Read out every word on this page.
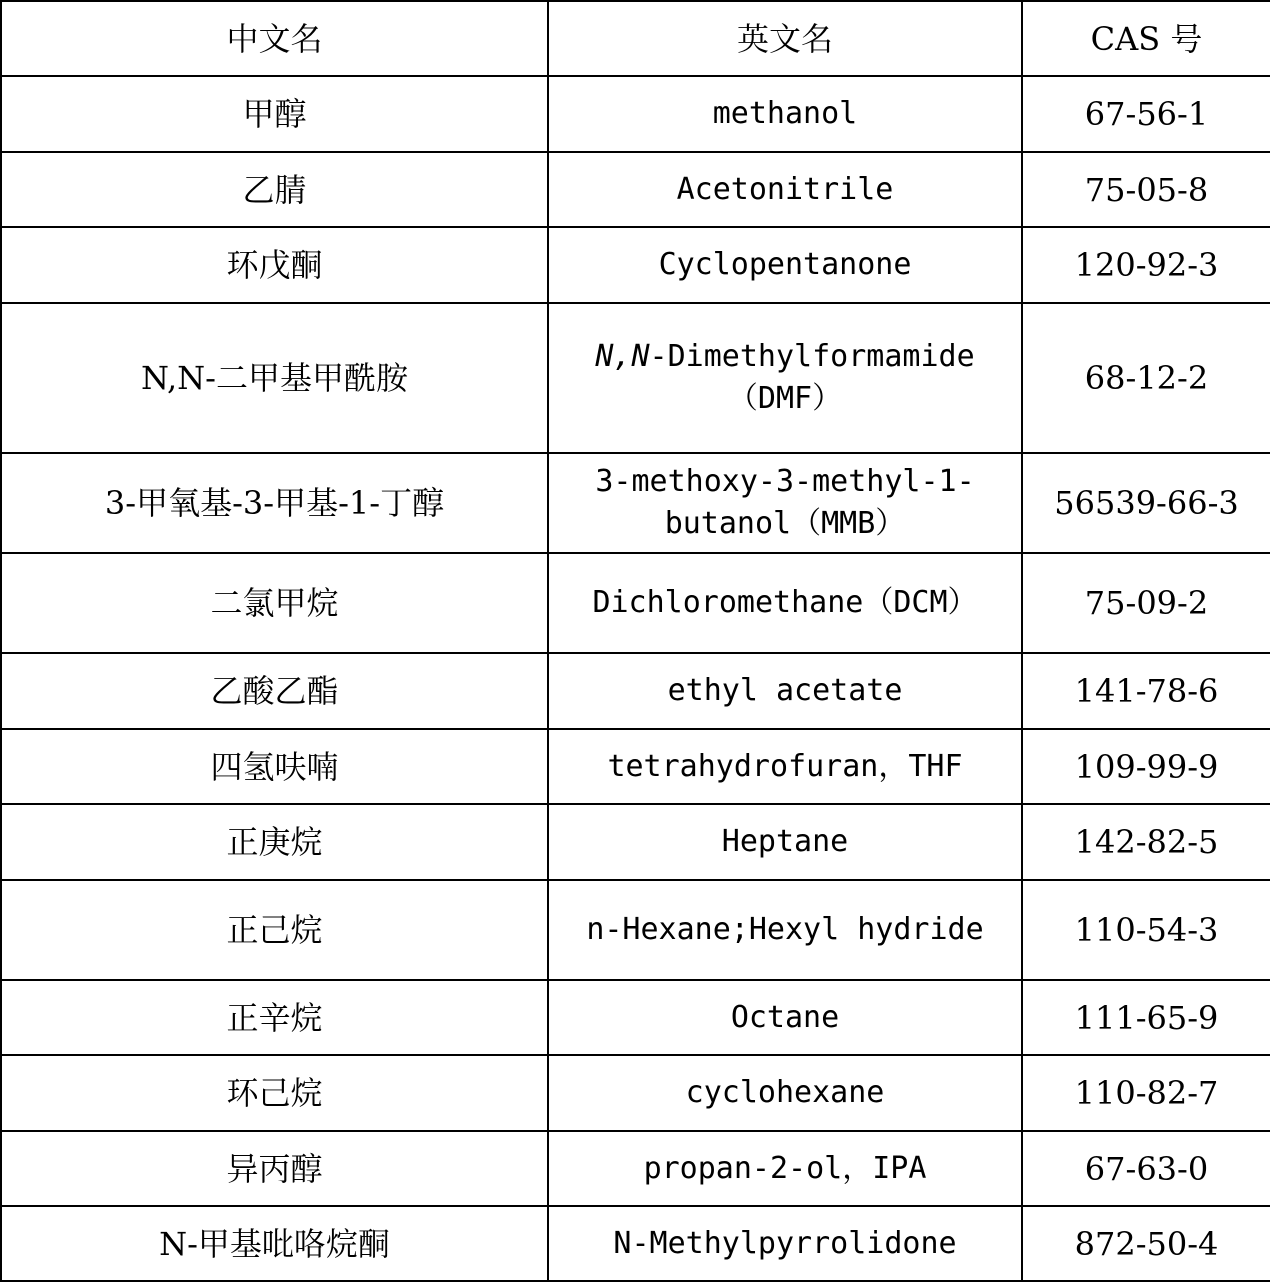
中文名	英文名	CAS 号
甲醇	methanol	67-56-1
乙腈	Acetonitrile	75-05-8
环戊酮	Cyclopentanone	120-92-3
N,N-二甲基甲酰胺	N,N-Dimethylformamide（DMF）	68-12-2
3-甲氧基-3-甲基-1-丁醇	3-methoxy-3-methyl-1-butanol（MMB）	56539-66-3
二氯甲烷	Dichloromethane（DCM）	75-09-2
乙酸乙酯	ethyl acetate	141-78-6
四氢呋喃	tetrahydrofuran，THF	109-99-9
正庚烷	Heptane	142-82-5
正己烷	n-Hexane;Hexyl hydride	110-54-3
正辛烷	Octane	111-65-9
环己烷	cyclohexane	110-82-7
异丙醇	propan-2-ol，IPA	67-63-0
N-甲基吡咯烷酮	N-Methylpyrrolidone	872-50-4
